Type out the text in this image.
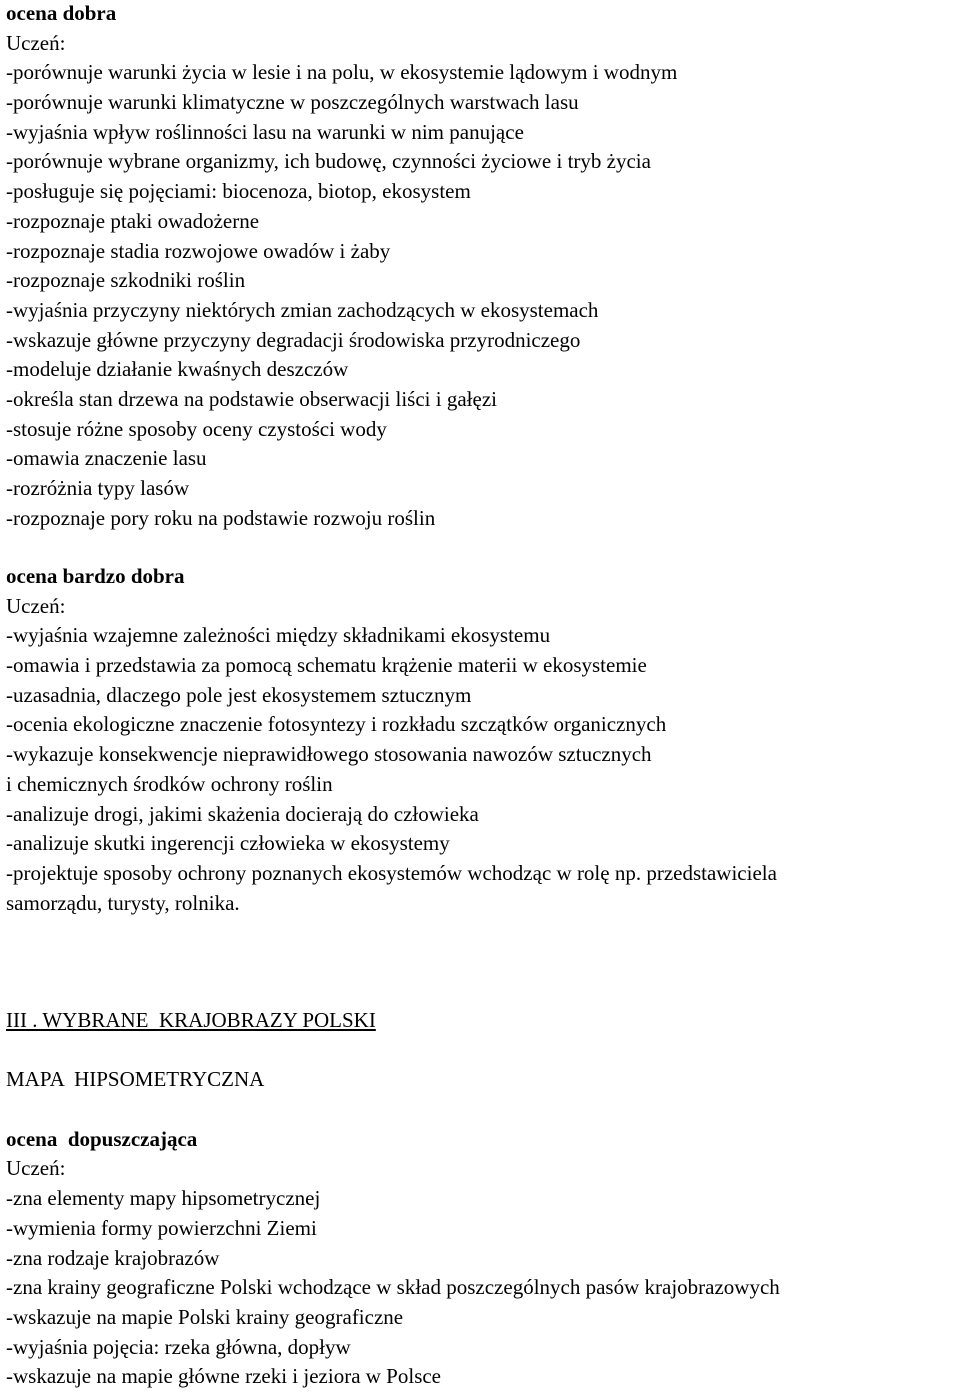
ocena dobra
Uczeń:
-porównuje warunki życia w lesie i na polu, w ekosystemie lądowym i wodnym
-porównuje warunki klimatyczne w poszczególnych warstwach lasu
-wyjaśnia wpływ roślinności lasu na warunki w nim panujące
-porównuje wybrane organizmy, ich budowę, czynności życiowe i tryb życia
-posługuje się pojęciami: biocenoza, biotop, ekosystem
-rozpoznaje ptaki owadożerne
-rozpoznaje stadia rozwojowe owadów i żaby
-rozpoznaje szkodniki roślin
-wyjaśnia przyczyny niektórych zmian zachodzących w ekosystemach
-wskazuje główne przyczyny degradacji środowiska przyrodniczego
-modeluje działanie kwaśnych deszczów
-określa stan drzewa na podstawie obserwacji liści i gałęzi
-stosuje różne sposoby oceny czystości wody
-omawia znaczenie lasu
-rozróżnia typy lasów
-rozpoznaje pory roku na podstawie rozwoju roślin
ocena bardzo dobra
Uczeń:
-wyjaśnia wzajemne zależności między składnikami ekosystemu
-omawia i przedstawia za pomocą schematu krążenie materii w ekosystemie
-uzasadnia, dlaczego pole jest ekosystemem sztucznym
-ocenia ekologiczne znaczenie fotosyntezy i rozkładu szczątków organicznych
-wykazuje konsekwencje nieprawidłowego stosowania nawozów sztucznych
i chemicznych środków ochrony roślin
-analizuje drogi, jakimi skażenia docierają do człowieka
-analizuje skutki ingerencji człowieka w ekosystemy
-projektuje sposoby ochrony poznanych ekosystemów wchodząc w rolę np. przedstawiciela
samorządu, turysty, rolnika.
III . WYBRANE  KRAJOBRAZY POLSKI
MAPA  HIPSOMETRYCZNA
ocena  dopuszczająca
Uczeń:
-zna elementy mapy hipsometrycznej
-wymienia formy powierzchni Ziemi
-zna rodzaje krajobrazów
-zna krainy geograficzne Polski wchodzące w skład poszczególnych pasów krajobrazowych
-wskazuje na mapie Polski krainy geograficzne
-wyjaśnia pojęcia: rzeka główna, dopływ
-wskazuje na mapie główne rzeki i jeziora w Polsce
